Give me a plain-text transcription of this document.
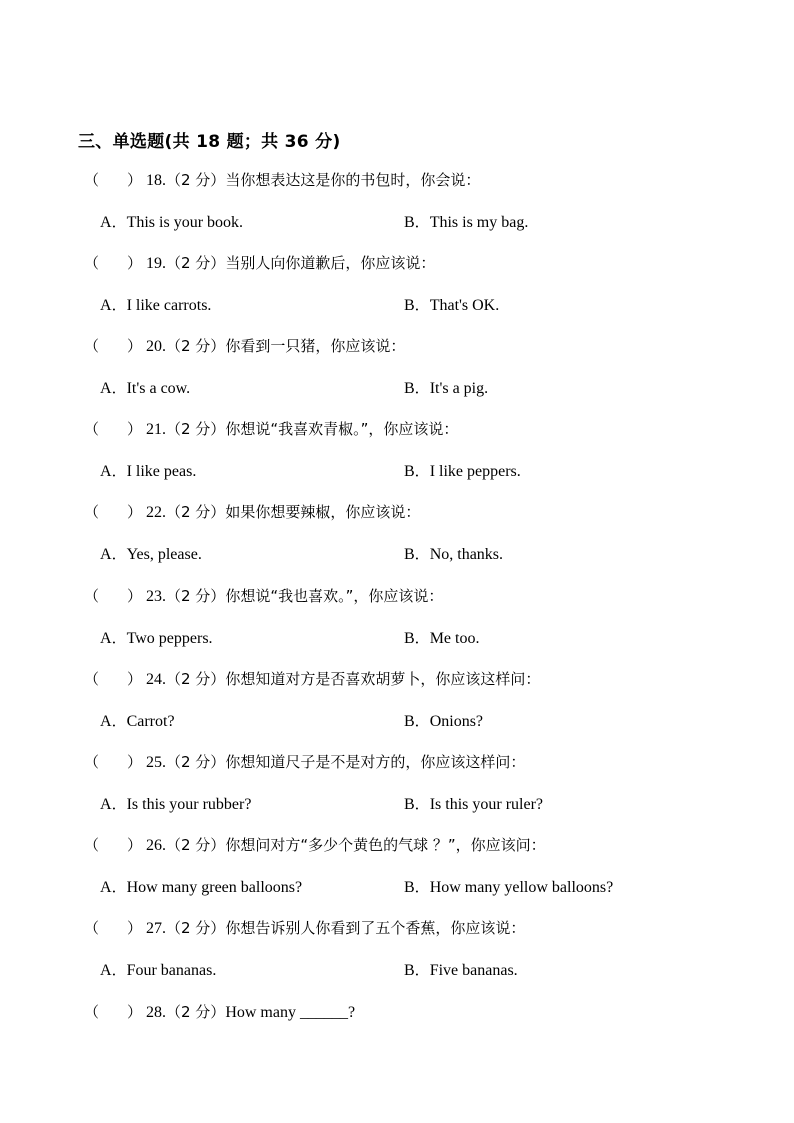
三、单选题(共 18 题；共 36 分)
（ ） 18.（2 分）当你想表达这是你的书包时，你会说：
A．This is your book.	B．This is my bag.
（ ） 19.（2 分）当别人向你道歉后，你应该说：
A．I like carrots.	B．That's OK.
（ ） 20.（2 分）你看到一只猪，你应该说：
A．It's a cow.	B．It's a pig.
（ ） 21.（2 分）你想说“我喜欢青椒。”，你应该说：
A．I like peas.	B．I like peppers.
（ ） 22.（2 分）如果你想要辣椒，你应该说：
A．Yes, please.	B．No, thanks.
（ ） 23.（2 分）你想说“我也喜欢。”，你应该说：
A．Two peppers.	B．Me too.
（ ） 24.（2 分）你想知道对方是否喜欢胡萝卜，你应该这样问：
A．Carrot?	B．Onions?
（ ） 25.（2 分）你想知道尺子是不是对方的，你应该这样问：
A．Is this your rubber?	B．Is this your ruler?
（ ） 26.（2 分）你想问对方“多少个黄色的气球 ？”，你应该问：
A．How many green balloons?	B．How many yellow balloons?
（ ） 27.（2 分）你想告诉别人你看到了五个香蕉，你应该说：
A．Four bananas.	B．Five bananas.
（ ） 28.（2 分）How many ______?
